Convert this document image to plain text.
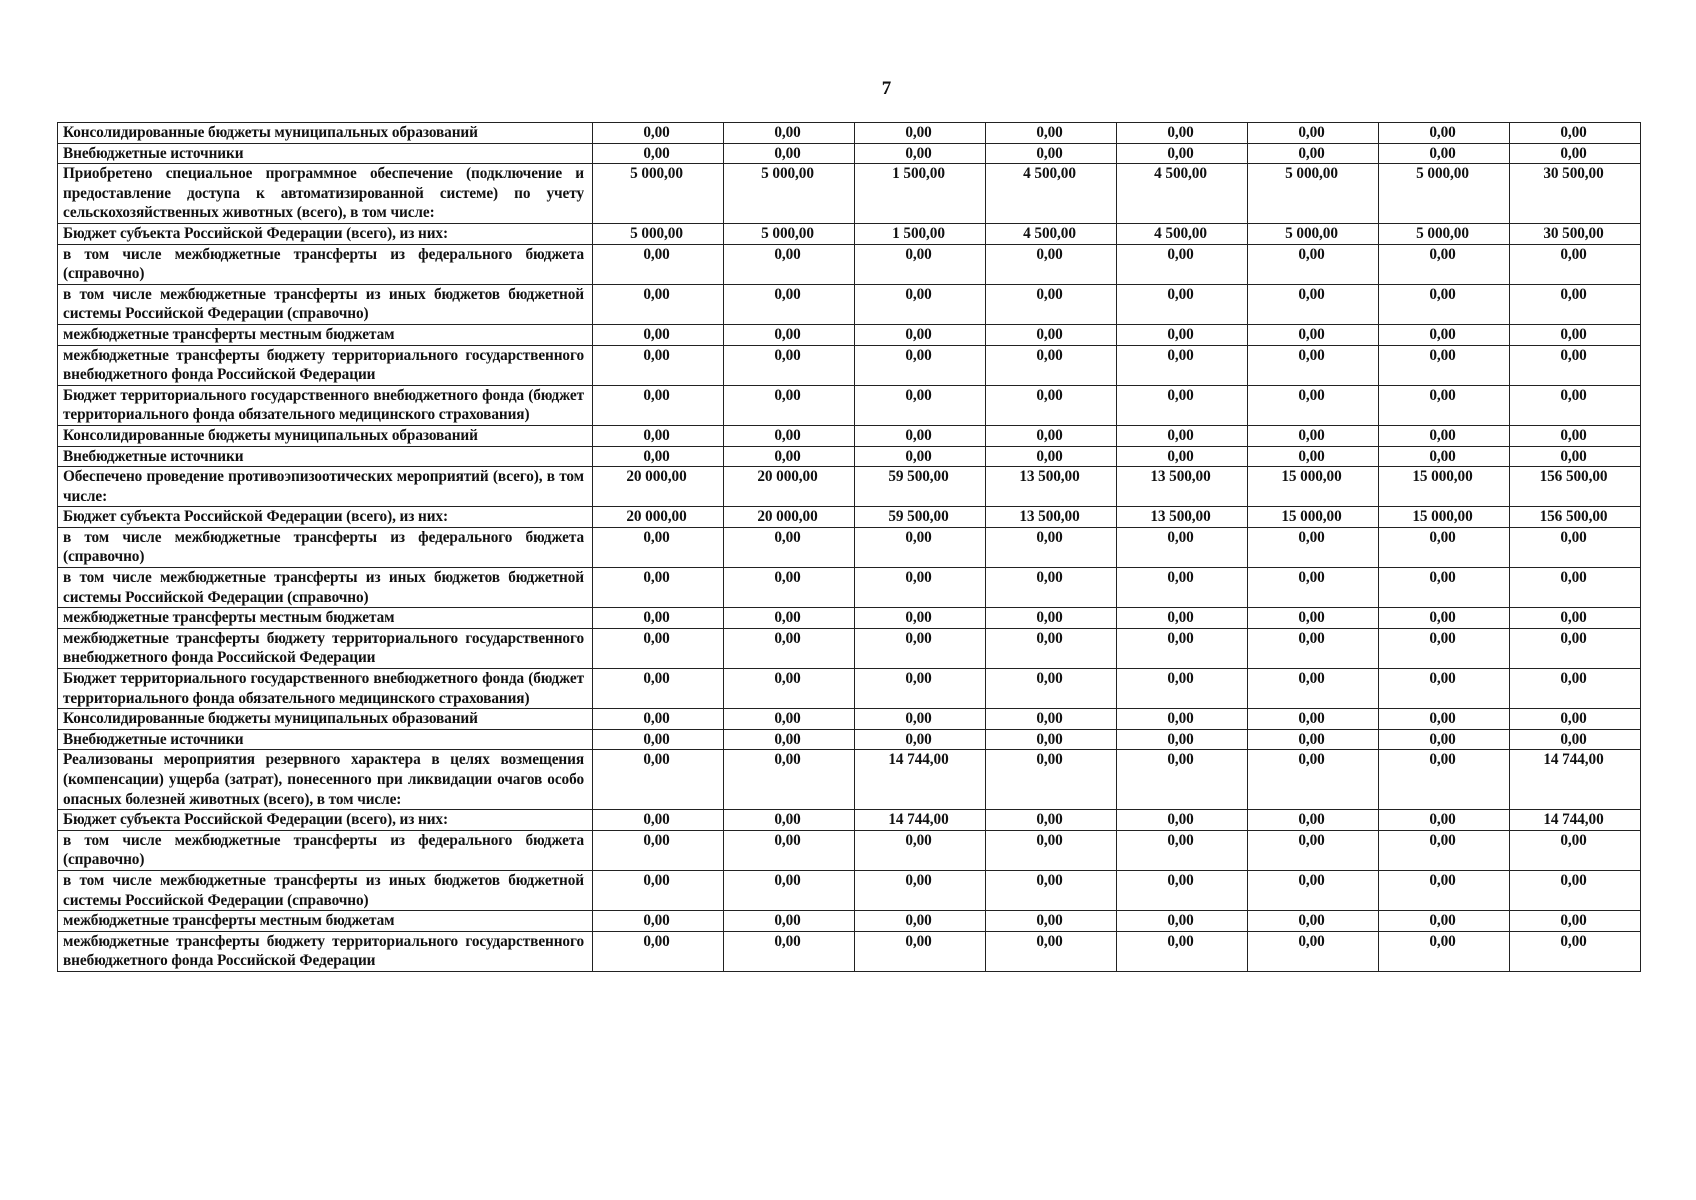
7
Консолидированные бюджеты муниципальных образований	0,00	0,00	0,00	0,00	0,00	0,00	0,00	0,00
Внебюджетные источники	0,00	0,00	0,00	0,00	0,00	0,00	0,00	0,00
Приобретено специальное программное обеспечение (подключение и предоставление доступа к автоматизированной системе) по учету сельскохозяйственных животных (всего), в том числе:	5 000,00	5 000,00	1 500,00	4 500,00	4 500,00	5 000,00	5 000,00	30 500,00
Бюджет субъекта Российской Федерации (всего), из них:	5 000,00	5 000,00	1 500,00	4 500,00	4 500,00	5 000,00	5 000,00	30 500,00
в том числе межбюджетные трансферты из федерального бюджета (справочно)	0,00	0,00	0,00	0,00	0,00	0,00	0,00	0,00
в том числе межбюджетные трансферты из иных бюджетов бюджетной системы Российской Федерации (справочно)	0,00	0,00	0,00	0,00	0,00	0,00	0,00	0,00
межбюджетные трансферты местным бюджетам	0,00	0,00	0,00	0,00	0,00	0,00	0,00	0,00
межбюджетные трансферты бюджету территориального государственного внебюджетного фонда Российской Федерации	0,00	0,00	0,00	0,00	0,00	0,00	0,00	0,00
Бюджет территориального государственного внебюджетного фонда (бюджет территориального фонда обязательного медицинского страхования)	0,00	0,00	0,00	0,00	0,00	0,00	0,00	0,00
Консолидированные бюджеты муниципальных образований	0,00	0,00	0,00	0,00	0,00	0,00	0,00	0,00
Внебюджетные источники	0,00	0,00	0,00	0,00	0,00	0,00	0,00	0,00
Обеспечено проведение противоэпизоотических мероприятий (всего), в том числе:	20 000,00	20 000,00	59 500,00	13 500,00	13 500,00	15 000,00	15 000,00	156 500,00
Бюджет субъекта Российской Федерации (всего), из них:	20 000,00	20 000,00	59 500,00	13 500,00	13 500,00	15 000,00	15 000,00	156 500,00
в том числе межбюджетные трансферты из федерального бюджета (справочно)	0,00	0,00	0,00	0,00	0,00	0,00	0,00	0,00
в том числе межбюджетные трансферты из иных бюджетов бюджетной системы Российской Федерации (справочно)	0,00	0,00	0,00	0,00	0,00	0,00	0,00	0,00
межбюджетные трансферты местным бюджетам	0,00	0,00	0,00	0,00	0,00	0,00	0,00	0,00
межбюджетные трансферты бюджету территориального государственного внебюджетного фонда Российской Федерации	0,00	0,00	0,00	0,00	0,00	0,00	0,00	0,00
Бюджет территориального государственного внебюджетного фонда (бюджет территориального фонда обязательного медицинского страхования)	0,00	0,00	0,00	0,00	0,00	0,00	0,00	0,00
Консолидированные бюджеты муниципальных образований	0,00	0,00	0,00	0,00	0,00	0,00	0,00	0,00
Внебюджетные источники	0,00	0,00	0,00	0,00	0,00	0,00	0,00	0,00
Реализованы мероприятия резервного характера в целях возмещения (компенсации) ущерба (затрат), понесенного при ликвидации очагов особо опасных болезней животных (всего), в том числе:	0,00	0,00	14 744,00	0,00	0,00	0,00	0,00	14 744,00
Бюджет субъекта Российской Федерации (всего), из них:	0,00	0,00	14 744,00	0,00	0,00	0,00	0,00	14 744,00
в том числе межбюджетные трансферты из федерального бюджета (справочно)	0,00	0,00	0,00	0,00	0,00	0,00	0,00	0,00
в том числе межбюджетные трансферты из иных бюджетов бюджетной системы Российской Федерации (справочно)	0,00	0,00	0,00	0,00	0,00	0,00	0,00	0,00
межбюджетные трансферты местным бюджетам	0,00	0,00	0,00	0,00	0,00	0,00	0,00	0,00
межбюджетные трансферты бюджету территориального государственного внебюджетного фонда Российской Федерации	0,00	0,00	0,00	0,00	0,00	0,00	0,00	0,00
